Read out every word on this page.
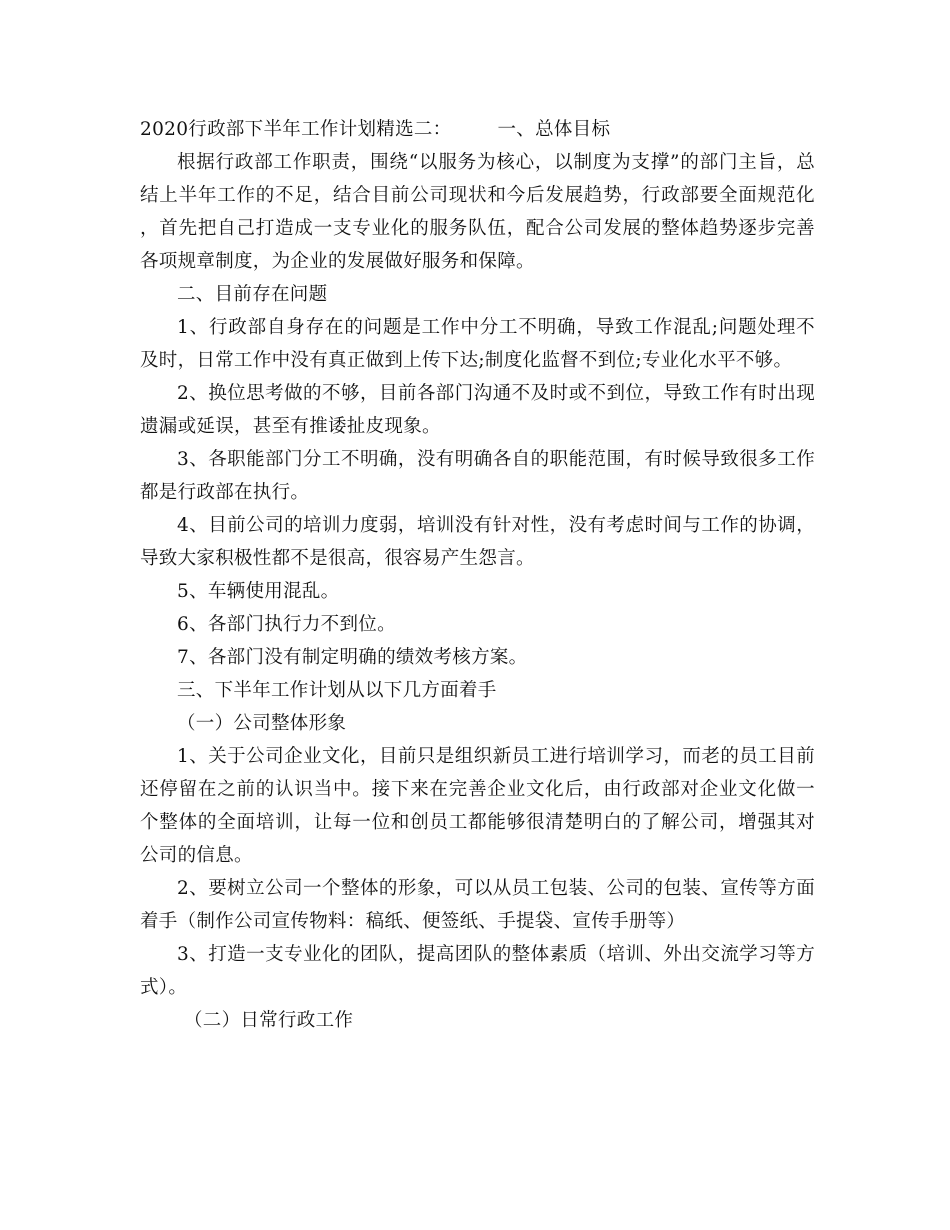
2020行政部下半年工作计划精选二： 一、总体目标

根据行政部工作职责，围绕“以服务为核心，以制度为支撑”的部门主旨，总结上半年工作的不足，结合目前公司现状和今后发展趋势，行政部要全面规范化，首先把自己打造成一支专业化的服务队伍，配合公司发展的整体趋势逐步完善各项规章制度，为企业的发展做好服务和保障。

二、目前存在问题

1、行政部自身存在的问题是工作中分工不明确，导致工作混乱;问题处理不及时，日常工作中没有真正做到上传下达;制度化监督不到位;专业化水平不够。

2、换位思考做的不够，目前各部门沟通不及时或不到位，导致工作有时出现遗漏或延误，甚至有推诿扯皮现象。

3、各职能部门分工不明确，没有明确各自的职能范围，有时候导致很多工作都是行政部在执行。

4、目前公司的培训力度弱，培训没有针对性，没有考虑时间与工作的协调，导致大家积极性都不是很高，很容易产生怨言。

5、车辆使用混乱。

6、各部门执行力不到位。

7、各部门没有制定明确的绩效考核方案。

三、下半年工作计划从以下几方面着手

（一）公司整体形象

1、关于公司企业文化，目前只是组织新员工进行培训学习，而老的员工目前还停留在之前的认识当中。接下来在完善企业文化后，由行政部对企业文化做一个整体的全面培训，让每一位和创员工都能够很清楚明白的了解公司，增强其对公司的信息。

2、要树立公司一个整体的形象，可以从员工包装、公司的包装、宣传等方面着手（制作公司宣传物料：稿纸、便签纸、手提袋、宣传手册等）

3、打造一支专业化的团队，提高团队的整体素质（培训、外出交流学习等方式）。

（二）日常行政工作
